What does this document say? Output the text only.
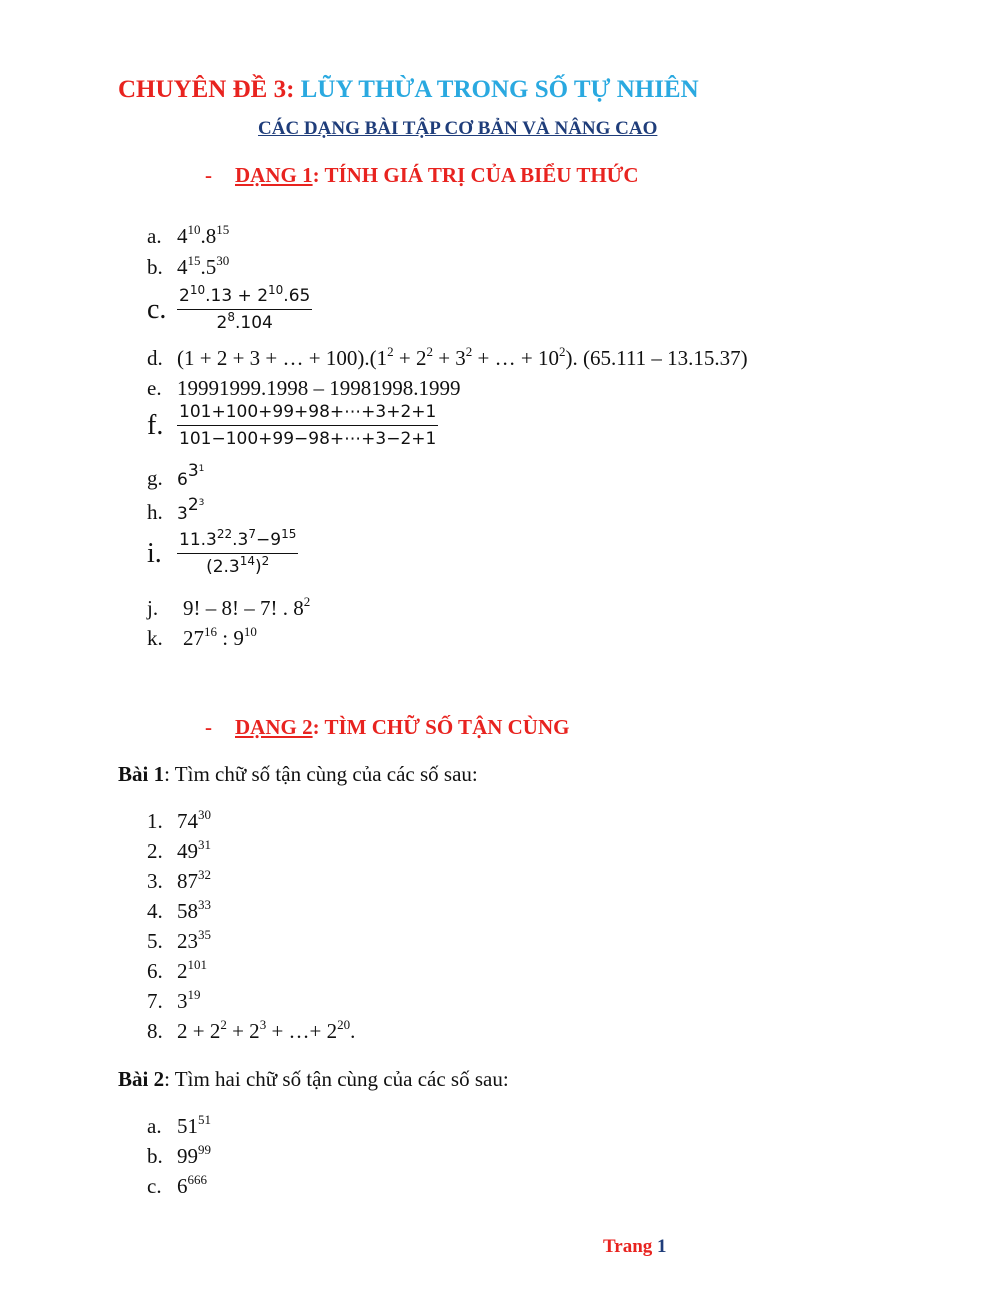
CHUYÊN ĐỀ 3: LŨY THỪA TRONG SỐ TỰ NHIÊN
CÁC DẠNG BÀI TẬP CƠ BẢN VÀ NÂNG CAO
- DẠNG 1: TÍNH GIÁ TRỊ CỦA BIỂU THỨC
a. $4^{10}.8^{15}$
b. $4^{15}.5^{30}$
c. $\frac{2^{10}.13 + 2^{10}.65}{2^8.104}$
d. (1 + 2 + 3 + … + $100).(1^2 + 2^2 + 3^2$ + … + $10^2$). (65.111 – 13.15.37)
e. 19991999.1998 – 19981998.1999
f. $\frac{101+100+99+98+\cdots+3+2+1}{101-100+99-98+\cdots+3-2+1}$
g. $6^{3^1}$
h. $3^{2^3}$
i. $\frac{11.3^{22}.3^7-9^{15}}{(2.3^{14})^2}$
j. 9! – 8! – 7! . $8^2$
k. $27^{16}$ : $9^{10}$
- DẠNG 2: TÌM CHỮ SỐ TẬN CÙNG
Bài 1: Tìm chữ số tận cùng của các số sau:
1. $74^{30}$
2. $49^{31}$
3. $87^{32}$
4. $58^{33}$
5. $23^{35}$
6. $2^{101}$
7. $3^{19}$
8. $2 + 2^2 + 2^3$ + …+ $2^{20}$.
Bài 2: Tìm hai chữ số tận cùng của các số sau:
a. $51^{51}$
b. $99^{99}$
c. $6^{666}$
Trang 1
